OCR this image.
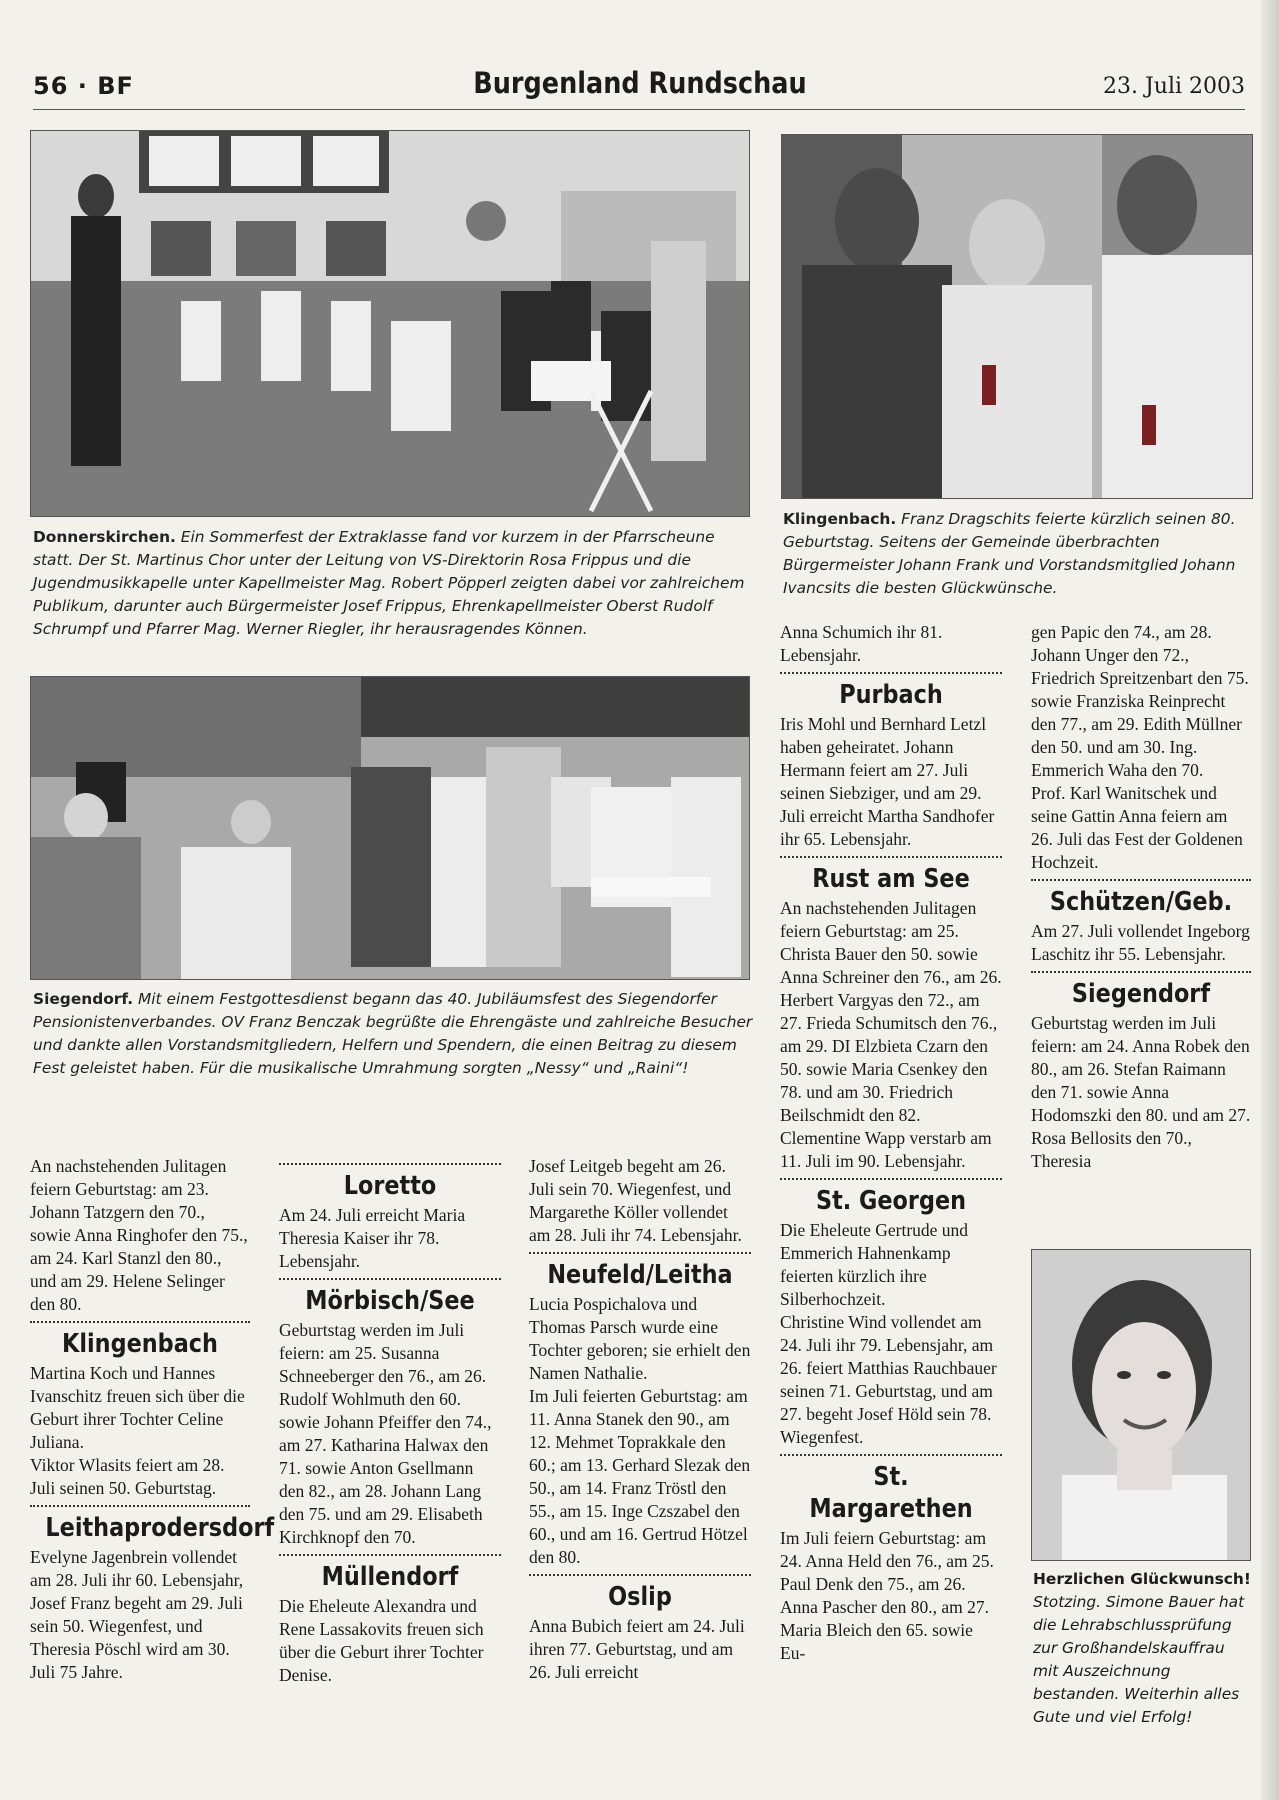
56 · BF	Burgenland Rundschau	23. Juli 2003
Donnerskirchen. Ein Sommerfest der Extraklasse fand vor kurzem in der Pfarrscheune statt. Der St. Martinus Chor unter der Leitung von VS-Direktorin Rosa Frippus und die Jugendmusikkapelle unter Kapellmeister Mag. Robert Pöpperl zeigten dabei vor zahlreichem Publikum, darunter auch Bürgermeister Josef Frippus, Ehrenkapellmeister Oberst Rudolf Schrumpf und Pfarrer Mag. Werner Riegler, ihr herausragendes Können.
Klingenbach. Franz Dragschits feierte kürzlich seinen 80. Geburtstag. Seitens der Gemeinde überbrachten Bürgermeister Johann Frank und Vorstandsmitglied Johann Ivancsits die besten Glückwünsche.
Siegendorf. Mit einem Festgottesdienst begann das 40. Jubiläumsfest des Siegendorfer Pensionistenverbandes. OV Franz Benczak begrüßte die Ehrengäste und zahlreiche Besucher und dankte allen Vorstandsmitgliedern, Helfern und Spendern, die einen Beitrag zu diesem Fest geleistet haben. Für die musikalische Umrahmung sorgten „Nessy“ und „Raini“!

An nachstehenden Julitagen feiern Geburtstag: am 23. Johann Tatzgern den 70., sowie Anna Ringhofer den 75., am 24. Karl Stanzl den 80., und am 29. Helene Selinger den 80.

Klingenbach

Martina Koch und Hannes Ivanschitz freuen sich über die Geburt ihrer Tochter Celine Juliana.

Viktor Wlasits feiert am 28. Juli seinen 50. Geburtstag.

Leithaprodersdorf

Evelyne Jagenbrein vollendet am 28. Juli ihr 60. Lebensjahr, Josef Franz begeht am 29. Juli sein 50. Wiegenfest, und Theresia Pöschl wird am 30. Juli 75 Jahre.

Loretto

Am 24. Juli erreicht Maria Theresia Kaiser ihr 78. Lebensjahr.

Mörbisch/See

Geburtstag werden im Juli feiern: am 25. Susanna Schneeberger den 76., am 26. Rudolf Wohlmuth den 60. sowie Johann Pfeiffer den 74., am 27. Katharina Halwax den 71. sowie Anton Gsellmann den 82., am 28. Johann Lang den 75. und am 29. Elisabeth Kirchknopf den 70.

Müllendorf

Die Eheleute Alexandra und Rene Lassakovits freuen sich über die Geburt ihrer Tochter Denise.

Josef Leitgeb begeht am 26. Juli sein 70. Wiegenfest, und Margarethe Köller vollendet am 28. Juli ihr 74. Lebensjahr.

Neufeld/Leitha

Lucia Pospichalova und Thomas Parsch wurde eine Tochter geboren; sie erhielt den Namen Nathalie.

Im Juli feierten Geburtstag: am 11. Anna Stanek den 90., am 12. Mehmet Toprakkale den 60.; am 13. Gerhard Slezak den 50., am 14. Franz Tröstl den 55., am 15. Inge Czszabel den 60., und am 16. Gertrud Hötzel den 80.

Oslip

Anna Bubich feiert am 24. Juli ihren 77. Geburtstag, und am 26. Juli erreicht

Anna Schumich ihr 81. Lebensjahr.

Purbach

Iris Mohl und Bernhard Letzl haben geheiratet. Johann Hermann feiert am 27. Juli seinen Siebziger, und am 29. Juli erreicht Martha Sandhofer ihr 65. Lebensjahr.

Rust am See

An nachstehenden Julitagen feiern Geburtstag: am 25. Christa Bauer den 50. sowie Anna Schreiner den 76., am 26. Herbert Vargyas den 72., am 27. Frieda Schumitsch den 76., am 29. DI Elzbieta Czarn den 50. sowie Maria Csenkey den 78. und am 30. Friedrich Beilschmidt den 82.

Clementine Wapp verstarb am 11. Juli im 90. Lebensjahr.

St. Georgen

Die Eheleute Gertrude und Emmerich Hahnenkamp feierten kürzlich ihre Silberhochzeit.

Christine Wind vollendet am 24. Juli ihr 79. Lebensjahr, am 26. feiert Matthias Rauchbauer seinen 71. Geburtstag, und am 27. begeht Josef Höld sein 78. Wiegenfest.

St. Margarethen

Im Juli feiern Geburtstag: am 24. Anna Held den 76., am 25. Paul Denk den 75., am 26. Anna Pascher den 80., am 27. Maria Bleich den 65. sowie Eu-

gen Papic den 74., am 28. Johann Unger den 72., Friedrich Spreitzenbart den 75. sowie Franziska Reinprecht den 77., am 29. Edith Müllner den 50. und am 30. Ing. Emmerich Waha den 70.

Prof. Karl Wanitschek und seine Gattin Anna feiern am 26. Juli das Fest der Goldenen Hochzeit.

Schützen/Geb.

Am 27. Juli vollendet Ingeborg Laschitz ihr 55. Lebensjahr.

Siegendorf

Geburtstag werden im Juli feiern: am 24. Anna Robek den 80., am 26. Stefan Raimann den 71. sowie Anna Hodomszki den 80. und am 27. Rosa Bellosits den 70., Theresia

Herzlichen Glückwunsch!
Stotzing. Simone Bauer hat die Lehrabschlussprüfung zur Großhandelskauffrau mit Auszeichnung bestanden. Weiterhin alles Gute und viel Erfolg!
